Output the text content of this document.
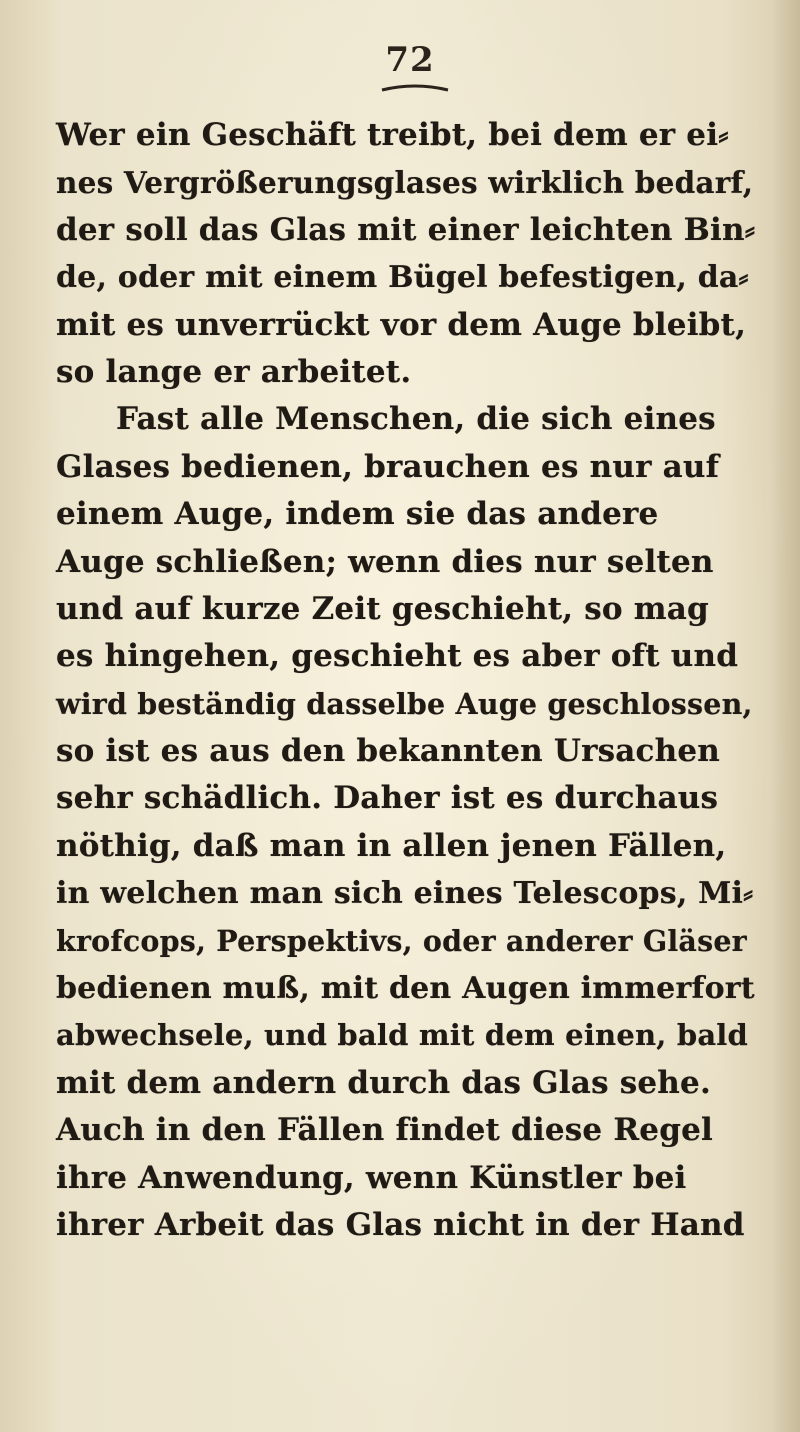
72
Wer ein Geschäft treibt, bei dem er ei⸗
nes Vergrößerungsglases wirklich bedarf,
der soll das Glas mit einer leichten Bin⸗
de, oder mit einem Bügel befestigen, da⸗
mit es unverrückt vor dem Auge bleibt,
so lange er arbeitet.
Fast alle Menschen, die sich eines
Glases bedienen, brauchen es nur auf
einem Auge, indem sie das andere
Auge schließen; wenn dies nur selten
und auf kurze Zeit geschieht, so mag
es hingehen, geschieht es aber oft und
wird beständig dasselbe Auge geschlossen,
so ist es aus den bekannten Ursachen
sehr schädlich. Daher ist es durchaus
nöthig, daß man in allen jenen Fällen,
in welchen man sich eines Telescops, Mi⸗
krofcops, Perspektivs, oder anderer Gläser
bedienen muß, mit den Augen immerfort
abwechsele, und bald mit dem einen, bald
mit dem andern durch das Glas sehe.
Auch in den Fällen findet diese Regel
ihre Anwendung, wenn Künstler bei
ihrer Arbeit das Glas nicht in der Hand
